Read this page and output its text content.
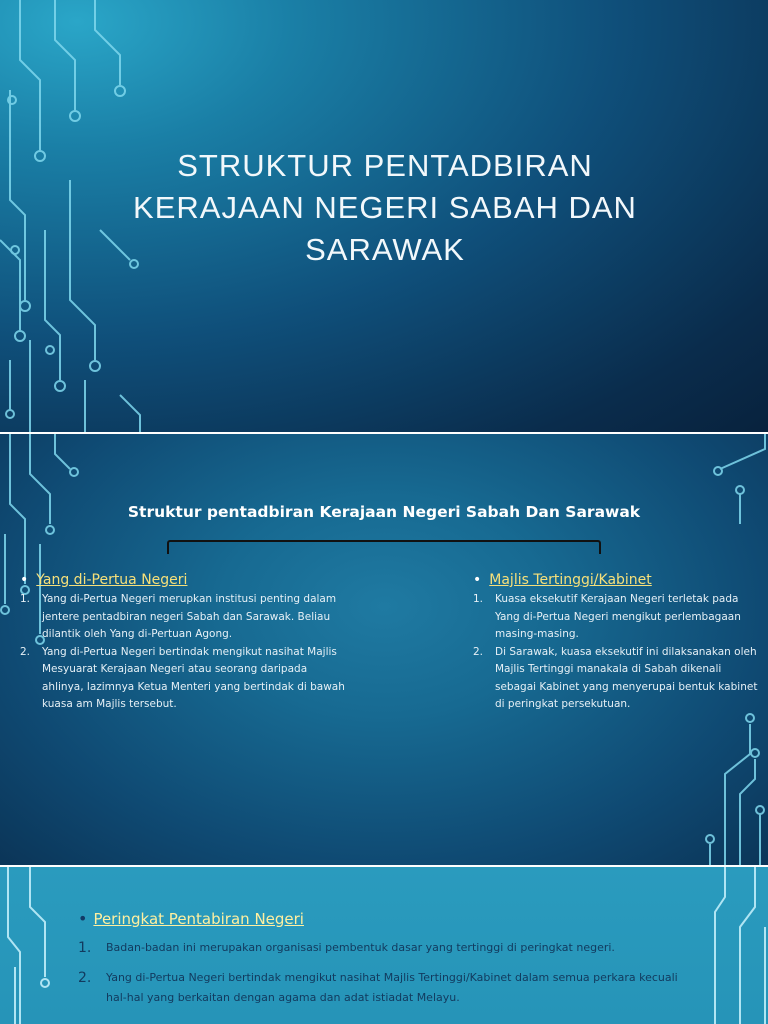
STRUKTUR PENTADBIRAN KERAJAAN NEGERI SABAH DAN SARAWAK
Struktur pentadbiran Kerajaan Negeri Sabah Dan Sarawak
• Yang di-Pertua Negeri
1.	Yang di-Pertua Negeri merupkan institusi penting dalam jentere pentadbiran negeri Sabah dan Sarawak. Beliau dilantik oleh Yang di-Pertuan Agong.
2.	Yang di-Pertua Negeri bertindak mengikut nasihat Majlis Mesyuarat Kerajaan Negeri atau seorang daripada ahlinya, lazimnya Ketua Menteri yang bertindak di bawah kuasa am Majlis tersebut.
• Majlis Tertinggi/Kabinet
1.	Kuasa eksekutif Kerajaan Negeri terletak pada Yang di-Pertua Negeri mengikut perlembagaan masing-masing.
2.	Di Sarawak, kuasa eksekutif ini dilaksanakan oleh Majlis Tertinggi manakala di Sabah dikenali sebagai Kabinet yang menyerupai bentuk kabinet di peringkat persekutuan.
• Peringkat Pentabiran Negeri
1.	Badan-badan ini merupakan organisasi pembentuk dasar yang tertinggi di peringkat negeri.
2.	Yang di-Pertua Negeri bertindak mengikut nasihat Majlis Tertinggi/Kabinet dalam semua perkara kecuali hal-hal yang berkaitan dengan agama dan adat istiadat Melayu.
